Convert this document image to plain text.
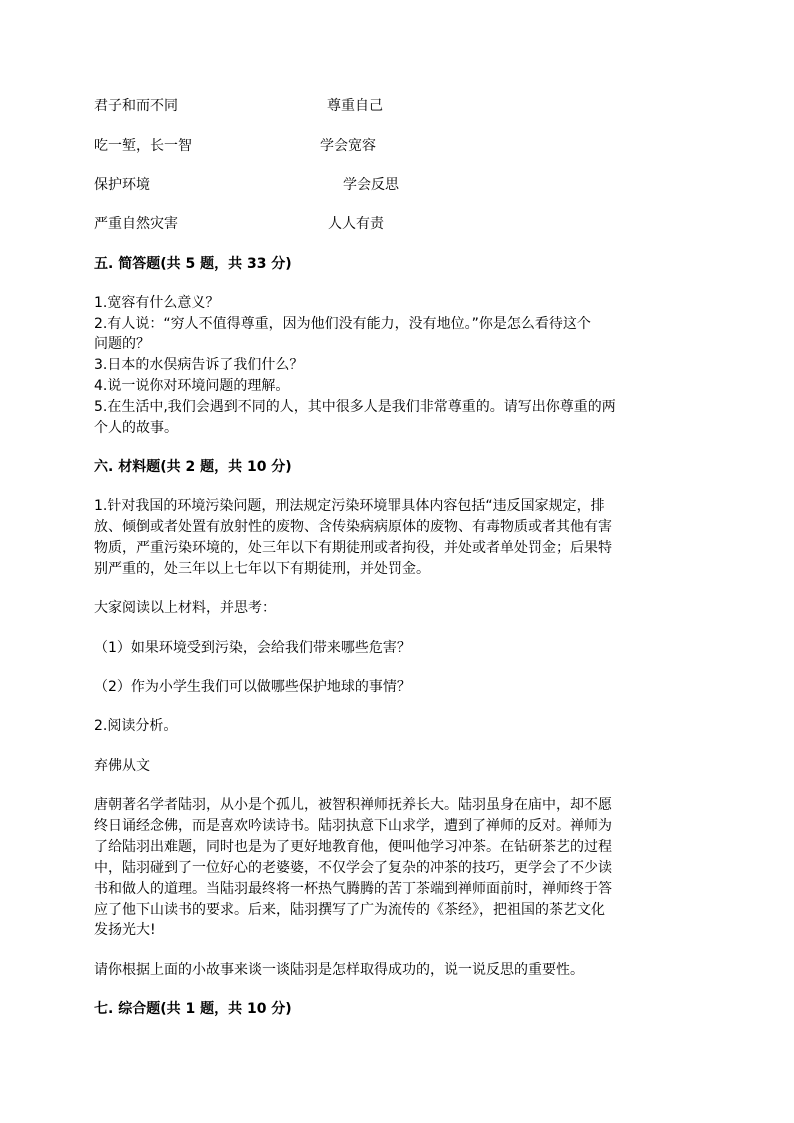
君子和而不同	尊重自己
吃一堑，长一智	学会宽容
保护环境	学会反思
严重自然灾害	人人有责
五. 简答题(共 5 题，共 33 分)
1.宽容有什么意义？
2.有人说：“穷人不值得尊重，因为他们没有能力，没有地位。”你是怎么看待这个
问题的？
3.日本的水俣病告诉了我们什么？
4.说一说你对环境问题的理解。
5.在生活中,我们会遇到不同的人，其中很多人是我们非常尊重的。请写出你尊重的两
个人的故事。
六. 材料题(共 2 题，共 10 分)
1.针对我国的环境污染问题，刑法规定污染环境罪具体内容包括“违反国家规定，排
放、倾倒或者处置有放射性的废物、含传染病病原体的废物、有毒物质或者其他有害
物质，严重污染环境的，处三年以下有期徒刑或者拘役，并处或者单处罚金；后果特
别严重的，处三年以上七年以下有期徒刑，并处罚金。
大家阅读以上材料，并思考：
（1）如果环境受到污染，会给我们带来哪些危害？
（2）作为小学生我们可以做哪些保护地球的事情？
2.阅读分析。
弃佛从文
唐朝著名学者陆羽，从小是个孤儿，被智积禅师抚养长大。陆羽虽身在庙中，却不愿
终日诵经念佛，而是喜欢吟读诗书。陆羽执意下山求学，遭到了禅师的反对。禅师为
了给陆羽出难题，同时也是为了更好地教育他，便叫他学习冲茶。在钻研茶艺的过程
中，陆羽碰到了一位好心的老婆婆，不仅学会了复杂的冲茶的技巧，更学会了不少读
书和做人的道理。当陆羽最终将一杯热气腾腾的苦丁茶端到禅师面前时，禅师终于答
应了他下山读书的要求。后来，陆羽撰写了广为流传的《茶经》，把祖国的茶艺文化
发扬光大!
请你根据上面的小故事来谈一谈陆羽是怎样取得成功的，说一说反思的重要性。
七. 综合题(共 1 题，共 10 分)
